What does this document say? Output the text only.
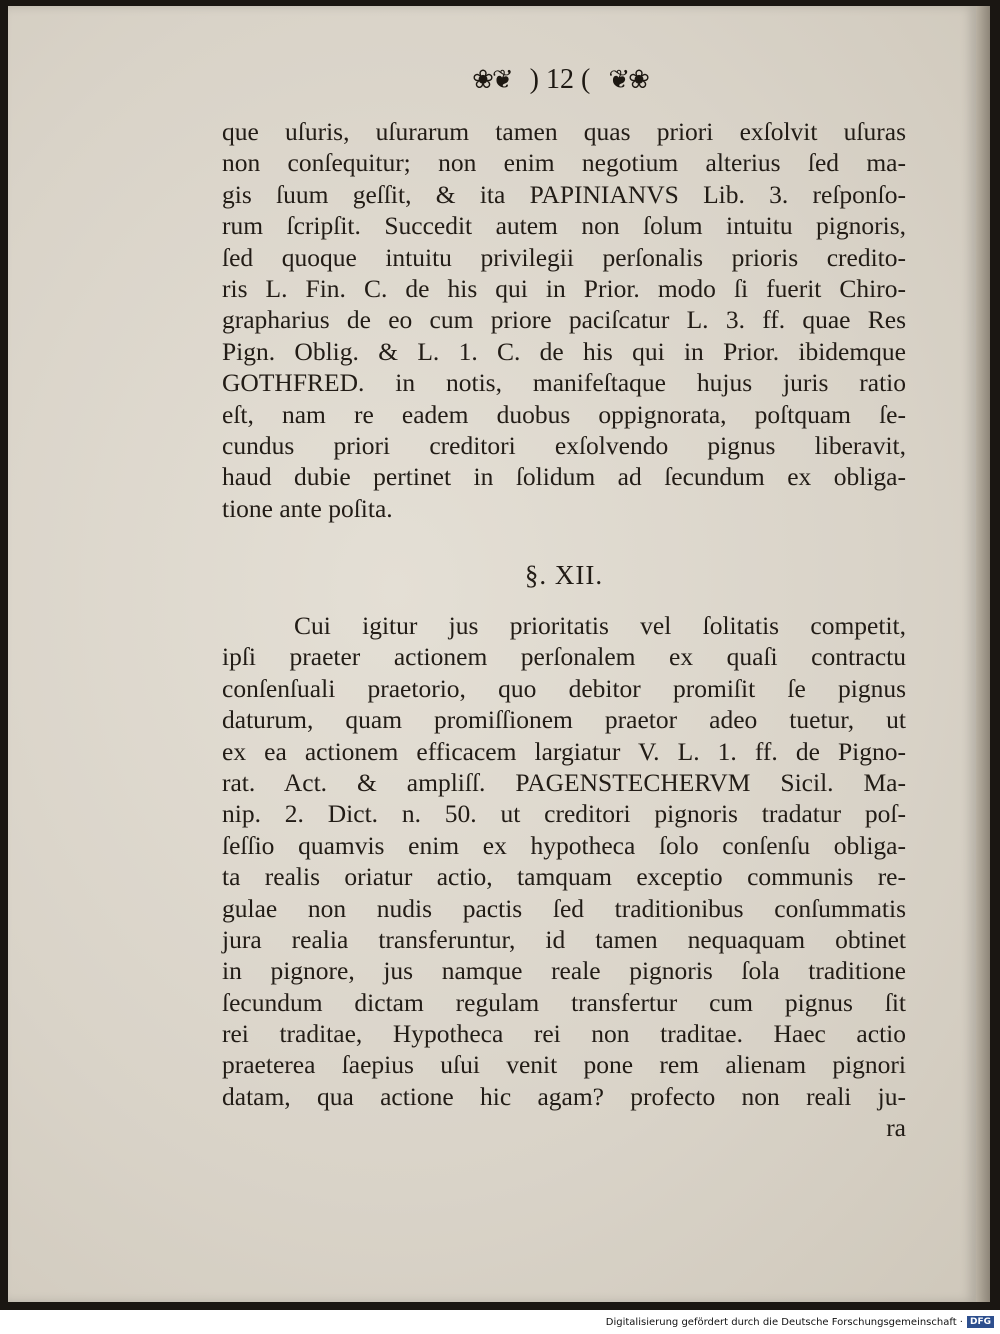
❀❦ ) 12 ( ❦❀
que uſuris, uſurarum tamen quas priori exſolvit uſuras
non conſequitur; non enim negotium alterius ſed ma-
gis ſuum geſſit, & ita PAPINIANVS Lib. 3. reſponſo-
rum ſcripſit. Succedit autem non ſolum intuitu pignoris,
ſed quoque intuitu privilegii perſonalis prioris credito-
ris L. Fin. C. de his qui in Prior. modo ſi fuerit Chiro-
grapharius de eo cum priore paciſcatur L. 3. ff. quae Res
Pign. Oblig. & L. 1. C. de his qui in Prior. ibidemque
GOTHFRED. in notis, manifeſtaque hujus juris ratio
eſt, nam re eadem duobus oppignorata, poſtquam ſe-
cundus priori creditori exſolvendo pignus liberavit,
haud dubie pertinet in ſolidum ad ſecundum ex obliga-
tione ante poſita.
§. XII.
Cui igitur jus prioritatis vel ſolitatis competit,
ipſi praeter actionem perſonalem ex quaſi contractu
conſenſuali praetorio, quo debitor promiſit ſe pignus
daturum, quam promiſſionem praetor adeo tuetur, ut
ex ea actionem efficacem largiatur V. L. 1. ff. de Pigno-
rat. Act. & ampliſſ. PAGENSTECHERVM Sicil. Ma-
nip. 2. Dict. n. 50. ut creditori pignoris tradatur poſ-
ſeſſio quamvis enim ex hypotheca ſolo conſenſu obliga-
ta realis oriatur actio, tamquam exceptio communis re-
gulae non nudis pactis ſed traditionibus conſummatis
jura realia transferuntur, id tamen nequaquam obtinet
in pignore, jus namque reale pignoris ſola traditione
ſecundum dictam regulam transfertur cum pignus ſit
rei traditae, Hypotheca rei non traditae. Haec actio
praeterea ſaepius uſui venit pone rem alienam pignori
datam, qua actione hic agam? profecto non reali ju-
ra
Digitalisierung gefördert durch die Deutsche Forschungsgemeinschaft · DFG
